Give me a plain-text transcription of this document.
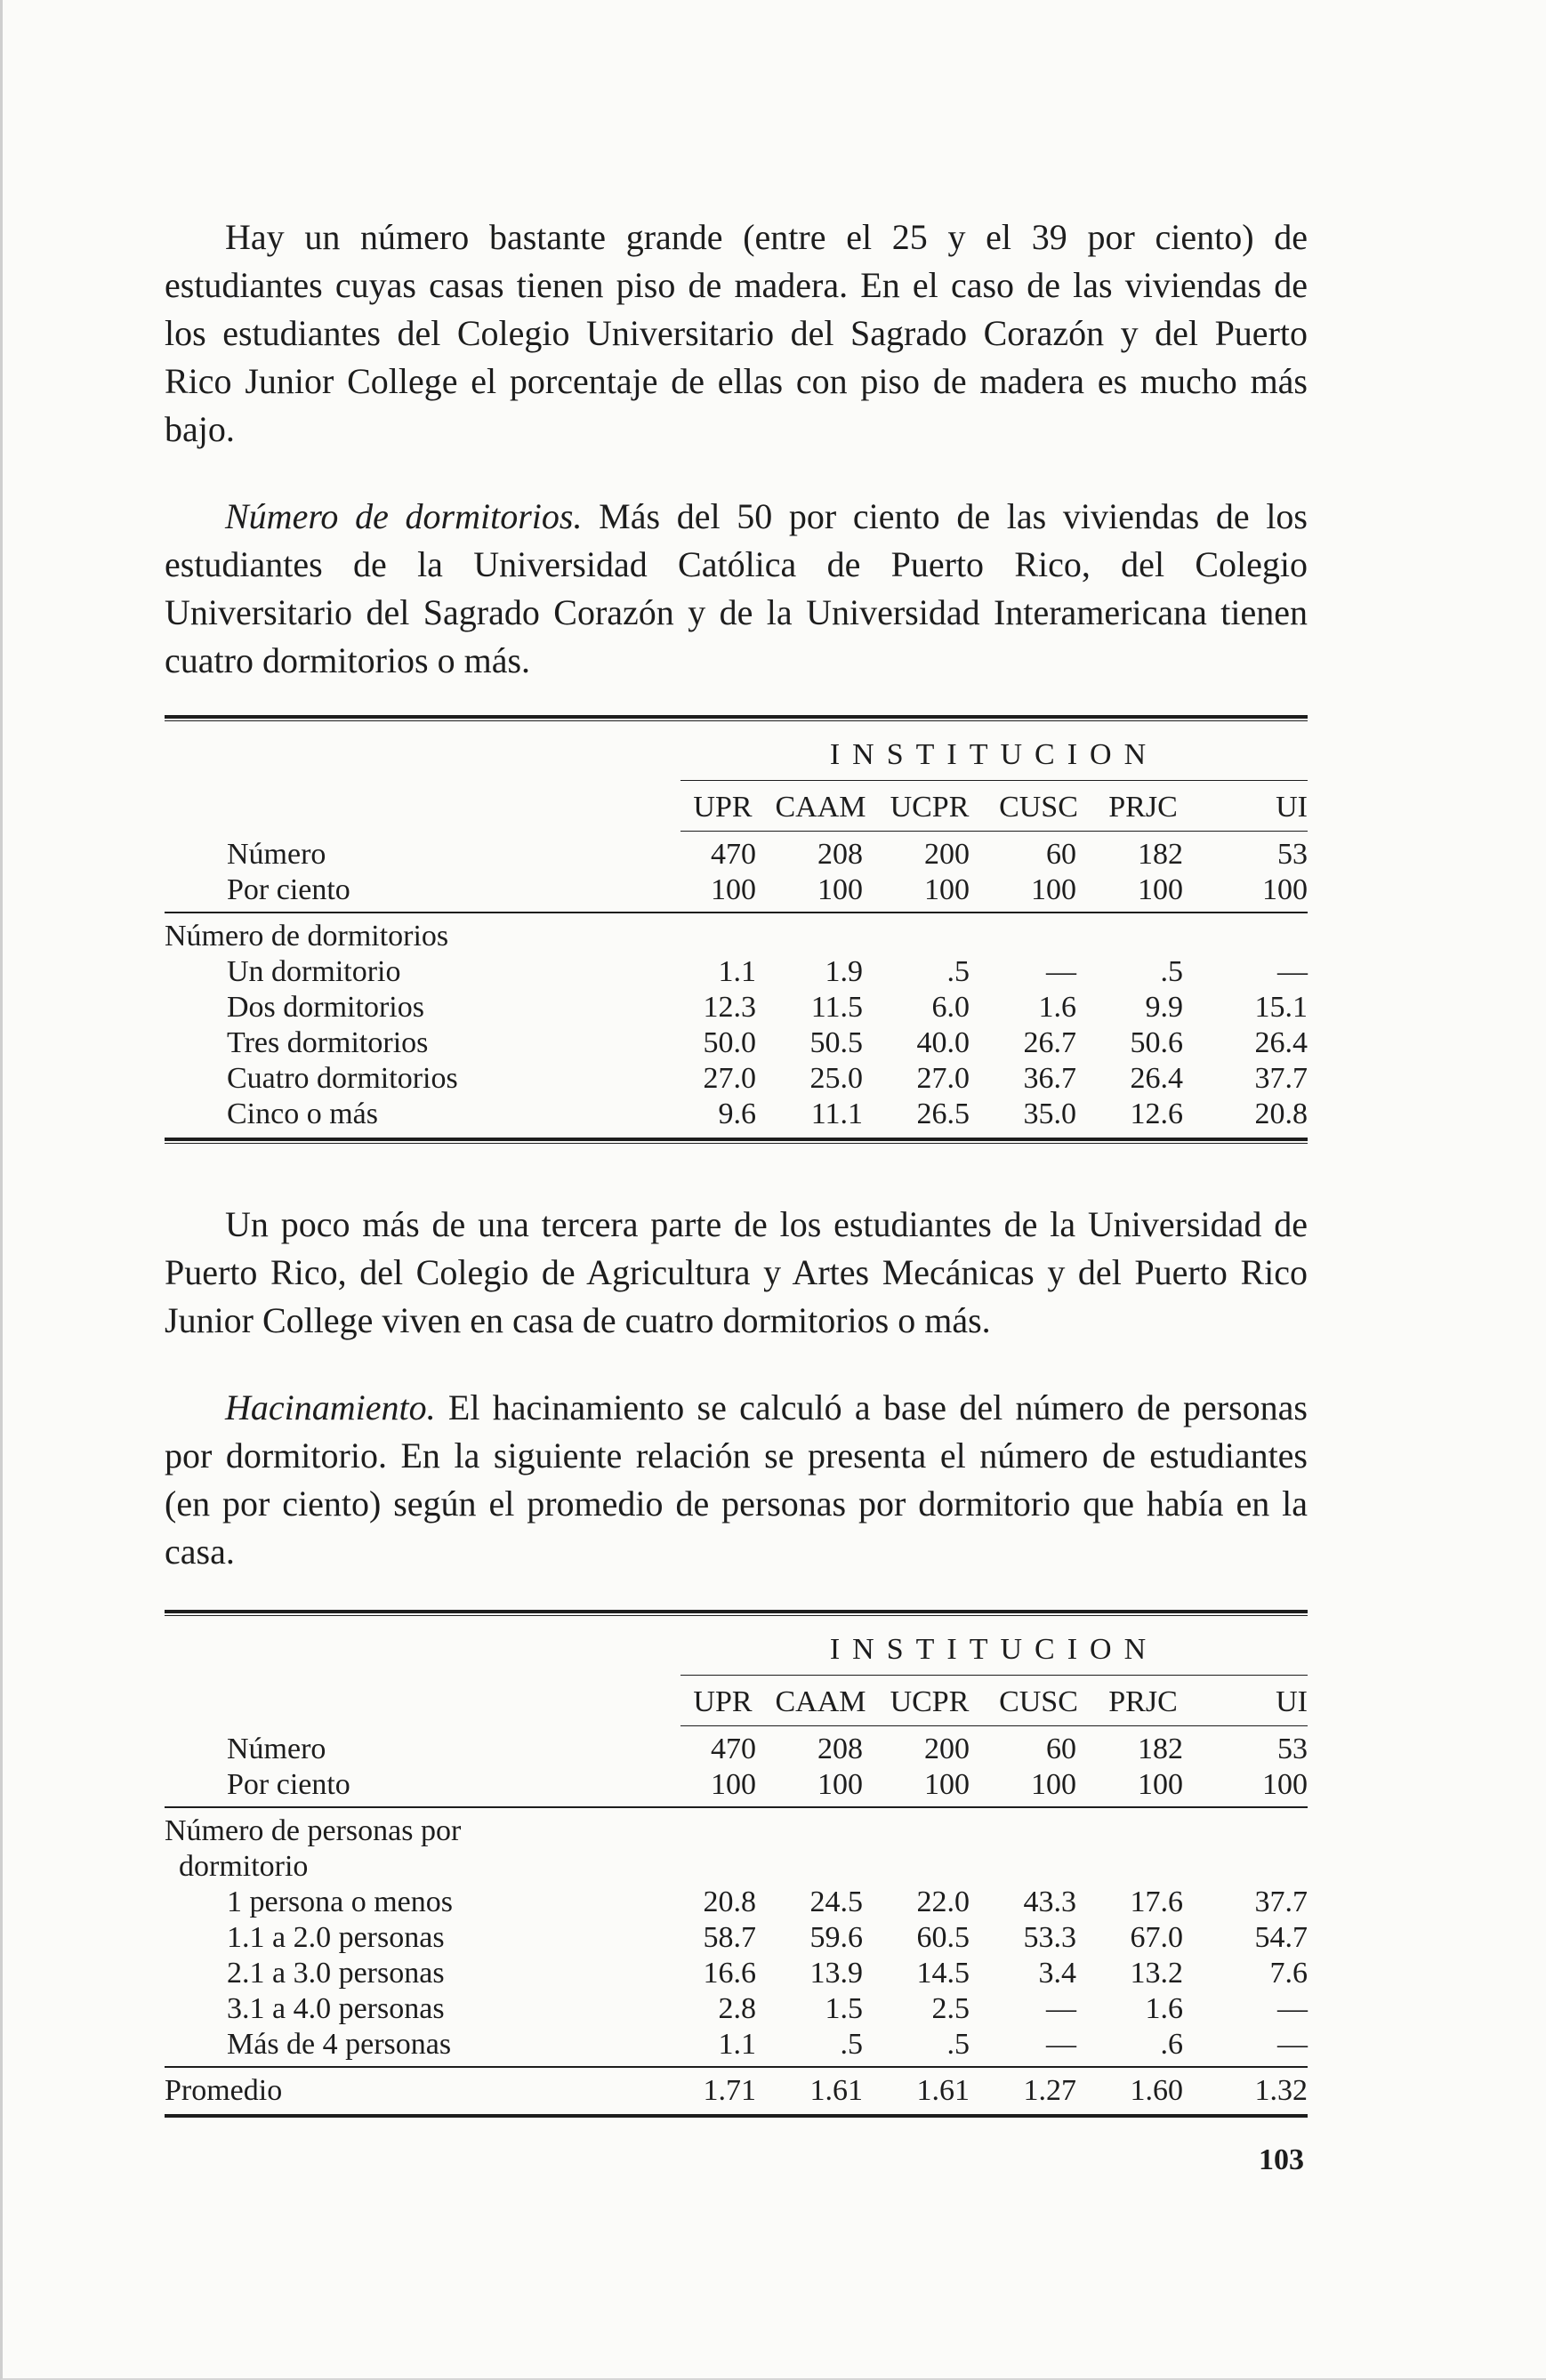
Hay un número bastante grande (entre el 25 y el 39 por ciento) de estudiantes cuyas casas tienen piso de madera. En el caso de las viviendas de los estudiantes del Colegio Universitario del Sagrado Corazón y del Puerto Rico Junior College el porcentaje de ellas con piso de madera es mucho más bajo.

Número de dormitorios. Más del 50 por ciento de las viviendas de los estudiantes de la Universidad Católica de Puerto Rico, del Colegio Universitario del Sagrado Corazón y de la Universidad Interamericana tienen cuatro dormitorios o más.

INSTITUCION
UPR CAAM UCPR CUSC	PRJC	UI
Número	470	208	200	60	182	53
Por ciento	100	100	100	100	100	100
Número de dormitorios
Un dormitorio	1.1	1.9	.5	—	.5	—
Dos dormitorios	12.3	11.5	6.0	1.6	9.9	15.1
Tres dormitorios	50.0	50.5	40.0	26.7	50.6	26.4
Cuatro dormitorios	27.0	25.0	27.0	36.7	26.4	37.7
Cinco o más	9.6	11.1	26.5	35.0	12.6	20.8

Un poco más de una tercera parte de los estudiantes de la Universidad de Puerto Rico, del Colegio de Agricultura y Artes Mecánicas y del Puerto Rico Junior College viven en casa de cuatro dormitorios o más.

Hacinamiento. El hacinamiento se calculó a base del número de personas por dormitorio. En la siguiente relación se presenta el número de estudiantes (en por ciento) según el promedio de personas por dormitorio que había en la casa.

INSTITUCION
UPR CAAM UCPR CUSC	PRJC	UI
Número	470	208	200	60	182	53
Por ciento	100	100	100	100	100	100
Número de personas por
dormitorio
1 persona o menos	20.8	24.5	22.0	43.3	17.6	37.7
1.1 a 2.0 personas	58.7	59.6	60.5	53.3	67.0	54.7
2.1 a 3.0 personas	16.6	13.9	14.5	3.4	13.2	7.6
3.1 a 4.0 personas	2.8	1.5	2.5	—	1.6	—
Más de 4 personas	1.1	.5	.5	—	.6	—
Promedio	1.71	1.61	1.61	1.27	1.60	1.32
103
